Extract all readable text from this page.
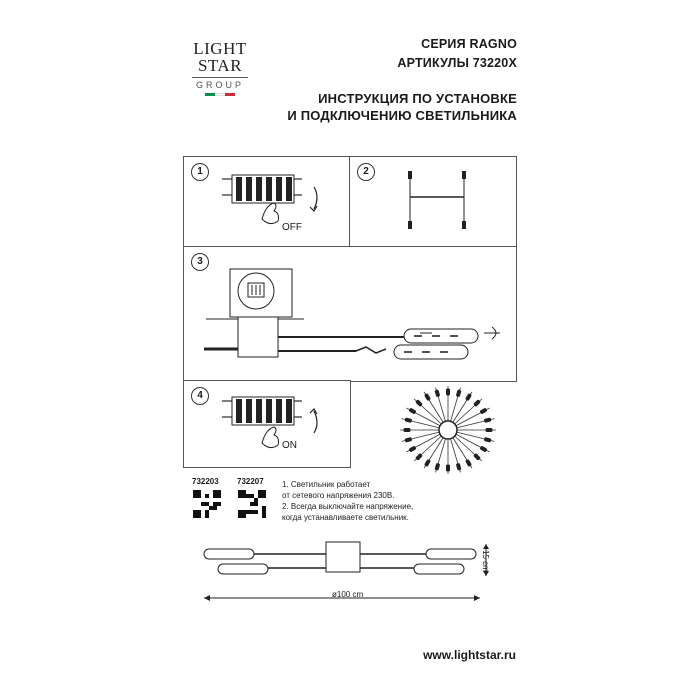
LIGHT
STAR
GROUP
СЕРИЯ RAGNO
АРТИКУЛЫ 73220X
ИНСТРУКЦИЯ ПО УСТАНОВКЕ
И ПОДКЛЮЧЕНИЮ СВЕТИЛЬНИКА
1
OFF
2
3
4
ON
732203 732207 1. Светильник работает
от сетевого напряжения 230В.
2. Всегда выключайте напряжение,
когда устанавливаете светильник.
ø100 cm
15 cm
www.lightstar.ru
